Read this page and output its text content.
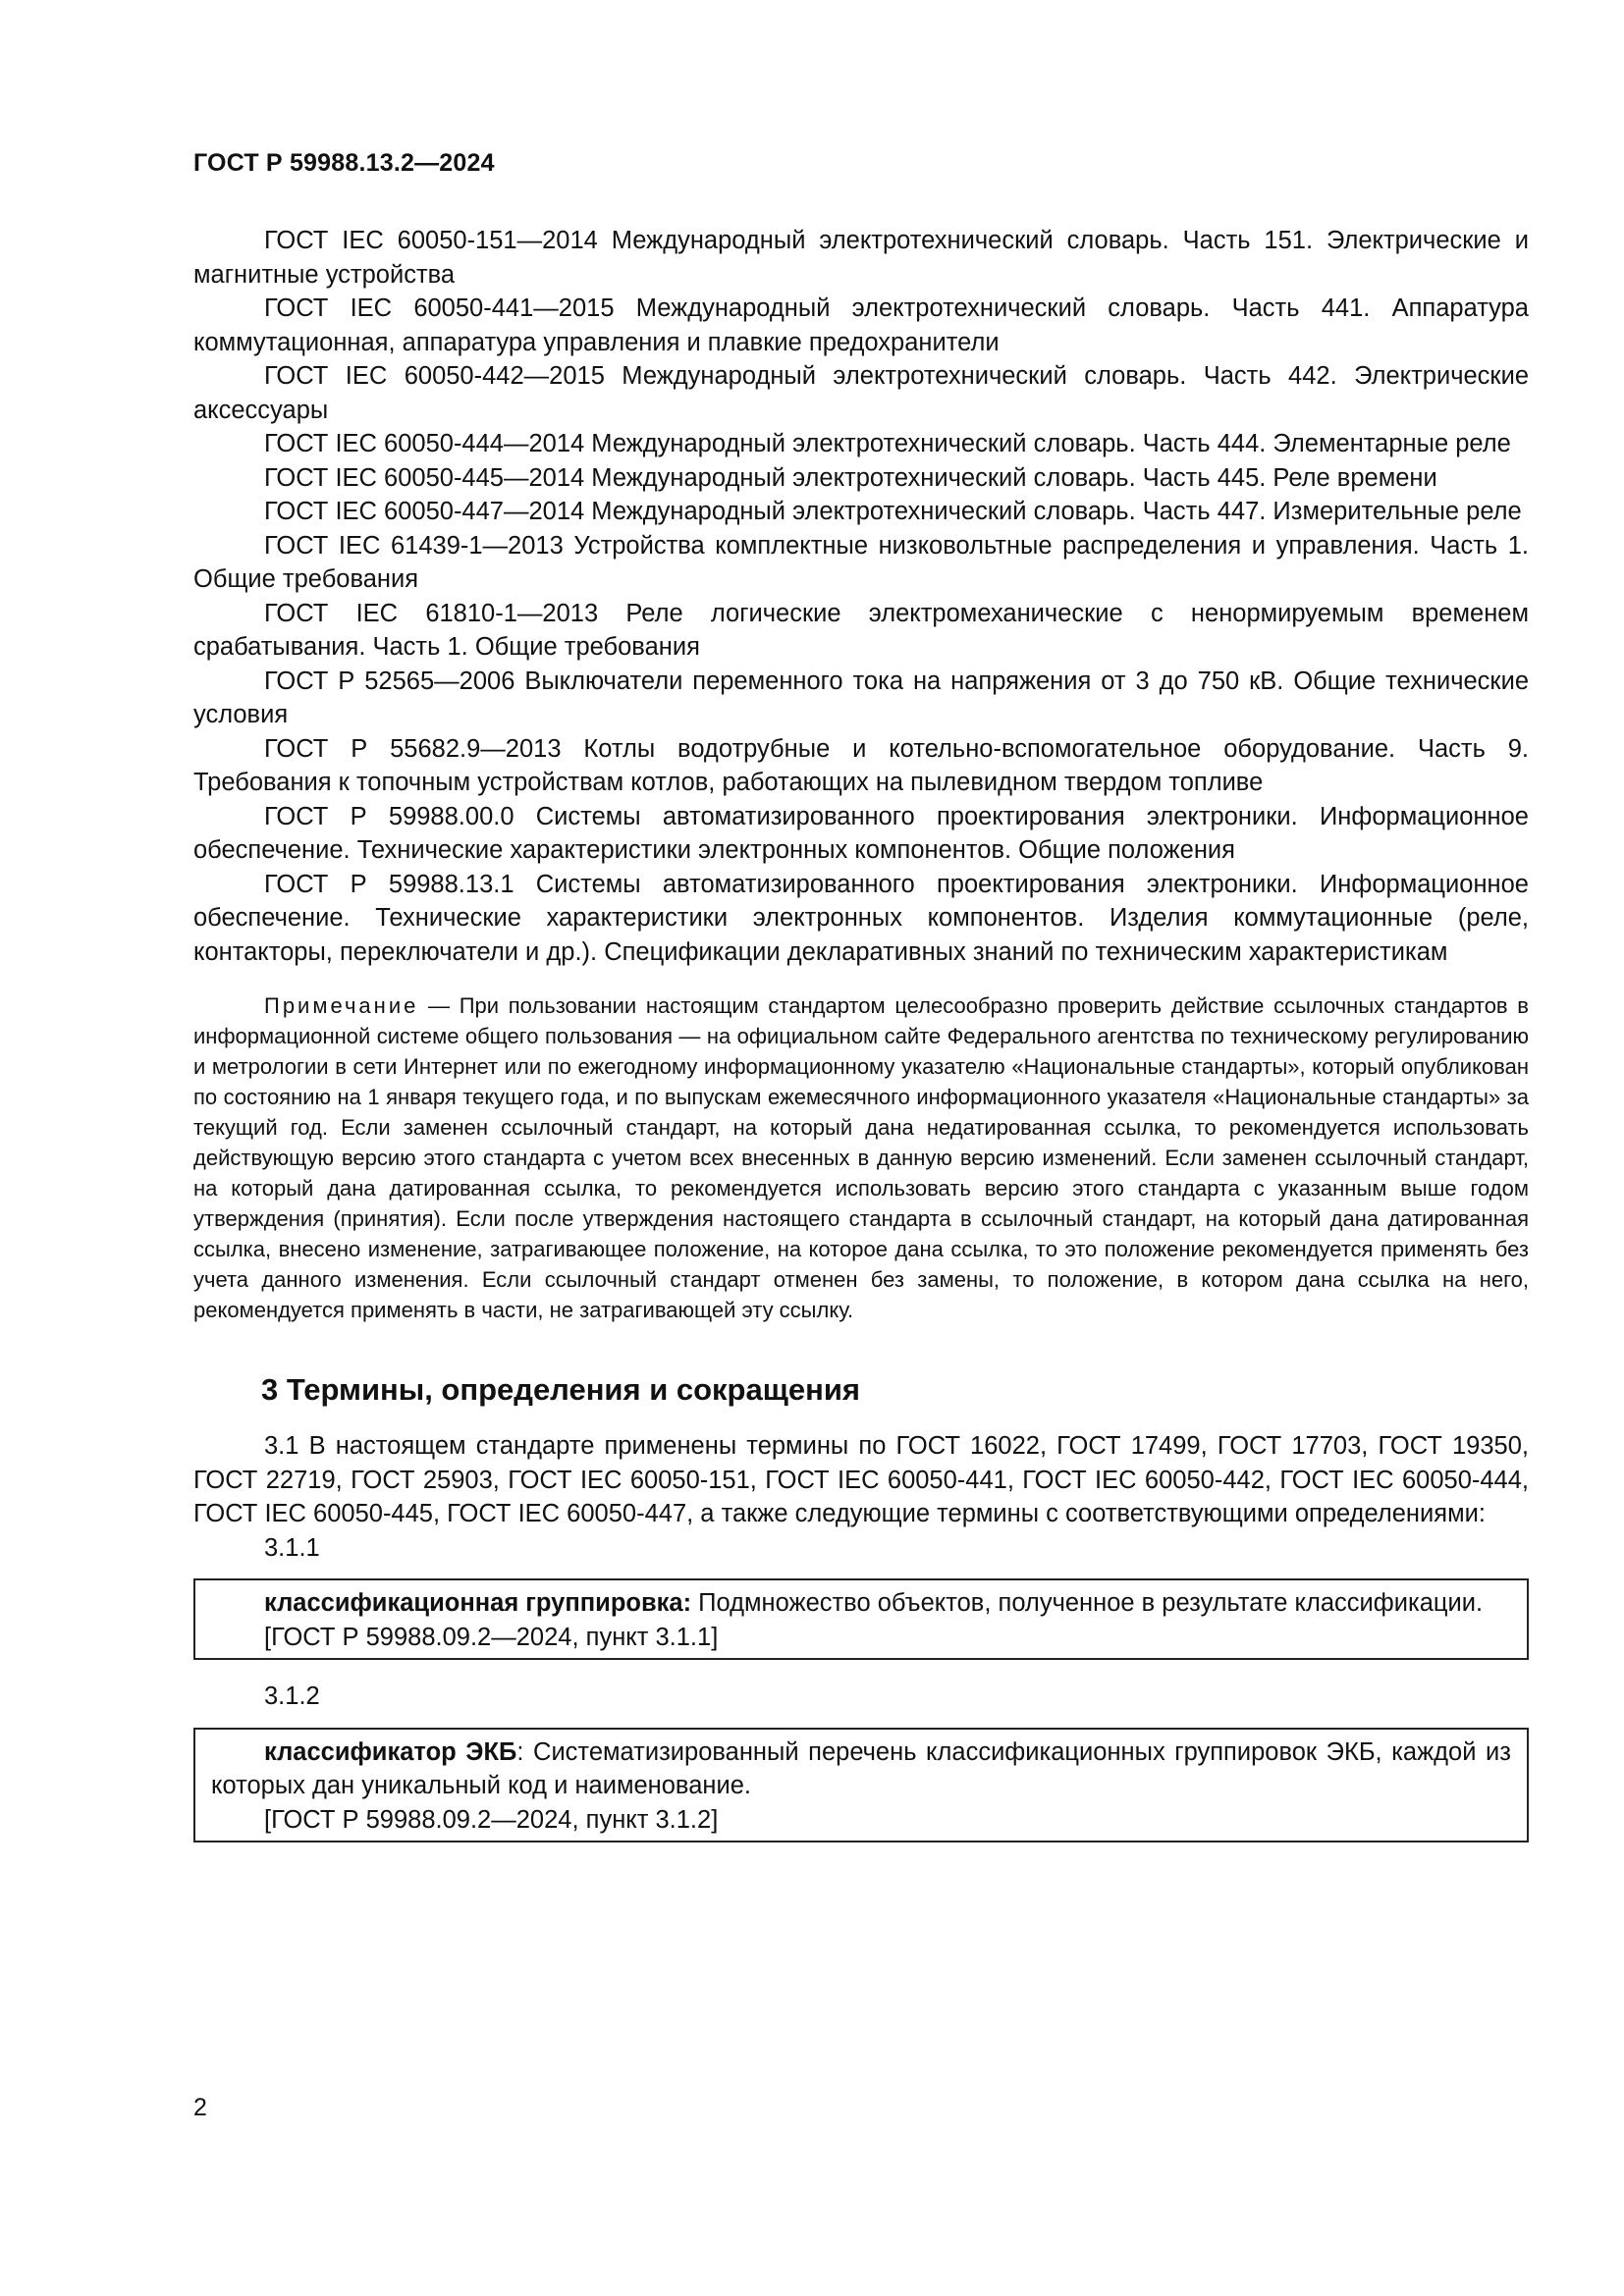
ГОСТ Р 59988.13.2—2024

ГОСТ IEC 60050-151—2014 Международный электротехнический словарь. Часть 151. Электрические и магнитные устройства

ГОСТ IEC 60050-441—2015 Международный электротехнический словарь. Часть 441. Аппаратура коммутационная, аппаратура управления и плавкие предохранители

ГОСТ IEC 60050-442—2015 Международный электротехнический словарь. Часть 442. Электрические аксессуары

ГОСТ IEC 60050-444—2014 Международный электротехнический словарь. Часть 444. Элементарные реле

ГОСТ IEC 60050-445—2014 Международный электротехнический словарь. Часть 445. Реле времени

ГОСТ IEC 60050-447—2014 Международный электротехнический словарь. Часть 447. Измерительные реле

ГОСТ IEC 61439-1—2013 Устройства комплектные низковольтные распределения и управления. Часть 1. Общие требования

ГОСТ IEC 61810-1—2013 Реле логические электромеханические с ненормируемым временем срабатывания. Часть 1. Общие требования

ГОСТ Р 52565—2006 Выключатели переменного тока на напряжения от 3 до 750 кВ. Общие технические условия

ГОСТ Р 55682.9—2013 Котлы водотрубные и котельно-вспомогательное оборудование. Часть 9. Требования к топочным устройствам котлов, работающих на пылевидном твердом топливе

ГОСТ Р 59988.00.0 Системы автоматизированного проектирования электроники. Информационное обеспечение. Технические характеристики электронных компонентов. Общие положения

ГОСТ Р 59988.13.1 Системы автоматизированного проектирования электроники. Информационное обеспечение. Технические характеристики электронных компонентов. Изделия коммутационные (реле, контакторы, переключатели и др.). Спецификации декларативных знаний по техническим характеристикам

Примечание — При пользовании настоящим стандартом целесообразно проверить действие ссылочных стандартов в информационной системе общего пользования — на официальном сайте Федерального агентства по техническому регулированию и метрологии в сети Интернет или по ежегодному информационному указателю «Национальные стандарты», который опубликован по состоянию на 1 января текущего года, и по выпускам ежемесячного информационного указателя «Национальные стандарты» за текущий год. Если заменен ссылочный стандарт, на который дана недатированная ссылка, то рекомендуется использовать действующую версию этого стандарта с учетом всех внесенных в данную версию изменений. Если заменен ссылочный стандарт, на который дана датированная ссылка, то рекомендуется использовать версию этого стандарта с указанным выше годом утверждения (принятия). Если после утверждения настоящего стандарта в ссылочный стандарт, на который дана датированная ссылка, внесено изменение, затрагивающее положение, на которое дана ссылка, то это положение рекомендуется применять без учета данного изменения. Если ссылочный стандарт отменен без замены, то положение, в котором дана ссылка на него, рекомендуется применять в части, не затрагивающей эту ссылку.

3 Термины, определения и сокращения

3.1 В настоящем стандарте применены термины по ГОСТ 16022, ГОСТ 17499, ГОСТ 17703, ГОСТ 19350, ГОСТ 22719, ГОСТ 25903, ГОСТ IEC 60050-151, ГОСТ IEC 60050-441, ГОСТ IEC 60050-442, ГОСТ IEC 60050-444, ГОСТ IEC 60050-445, ГОСТ IEC 60050-447, а также следующие термины с соответствующими определениями:

3.1.1

классификационная группировка: Подмножество объектов, полученное в результате классификации.

[ГОСТ Р 59988.09.2—2024, пункт 3.1.1]

3.1.2

классификатор ЭКБ: Систематизированный перечень классификационных группировок ЭКБ, каждой из которых дан уникальный код и наименование.

[ГОСТ Р 59988.09.2—2024, пункт 3.1.2]

2
